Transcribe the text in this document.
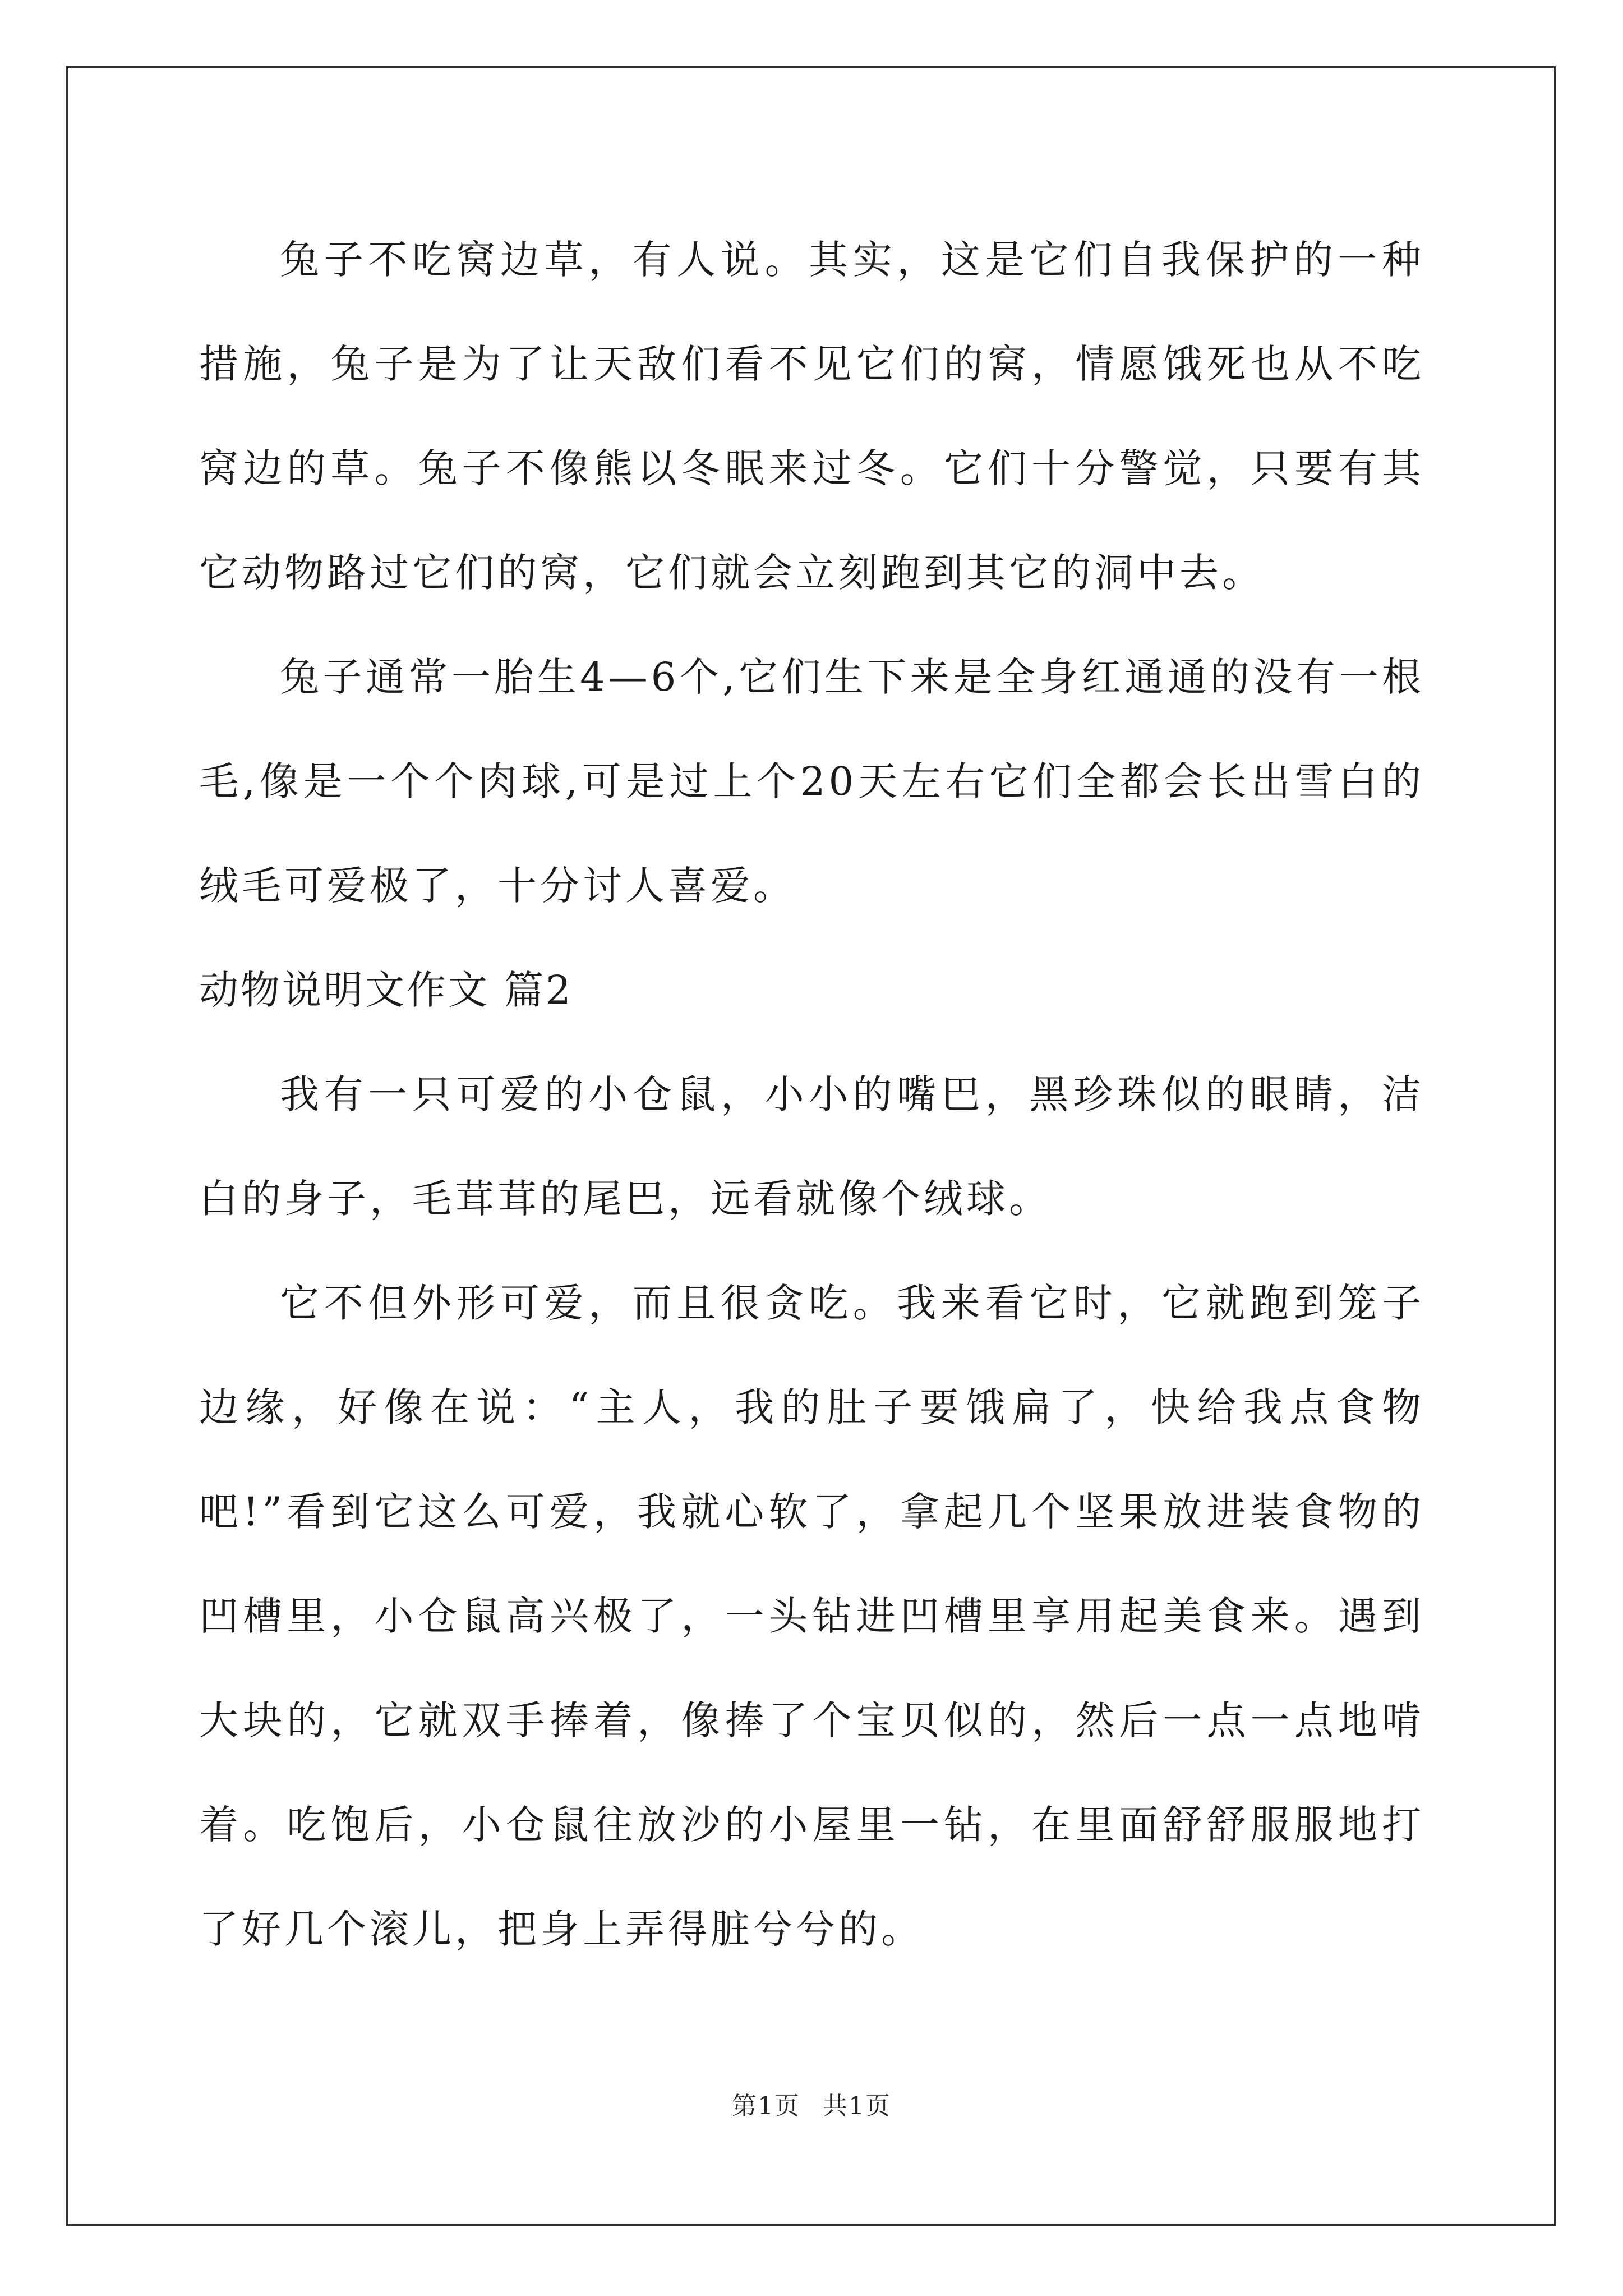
兔子不吃窝边草，有人说。其实，这是它们自我保护的一种措施，兔子是为了让天敌们看不见它们的窝，情愿饿死也从不吃窝边的草。兔子不像熊以冬眠来过冬。它们十分警觉，只要有其它动物路过它们的窝，它们就会立刻跑到其它的洞中去。

兔子通常一胎生4—6个,它们生下来是全身红通通的没有一根毛,像是一个个肉球,可是过上个20天左右它们全都会长出雪白的绒毛可爱极了，十分讨人喜爱。

动物说明文作文 篇2

我有一只可爱的小仓鼠，小小的嘴巴，黑珍珠似的眼睛，洁白的身子，毛茸茸的尾巴，远看就像个绒球。

它不但外形可爱，而且很贪吃。我来看它时，它就跑到笼子边缘，好像在说：“主人，我的肚子要饿扁了，快给我点食物吧!”看到它这么可爱，我就心软了，拿起几个坚果放进装食物的凹槽里，小仓鼠高兴极了，一头钻进凹槽里享用起美食来。遇到大块的，它就双手捧着，像捧了个宝贝似的，然后一点一点地啃着。吃饱后，小仓鼠往放沙的小屋里一钻，在里面舒舒服服地打了好几个滚儿，把身上弄得脏兮兮的。

第1页 共1页
